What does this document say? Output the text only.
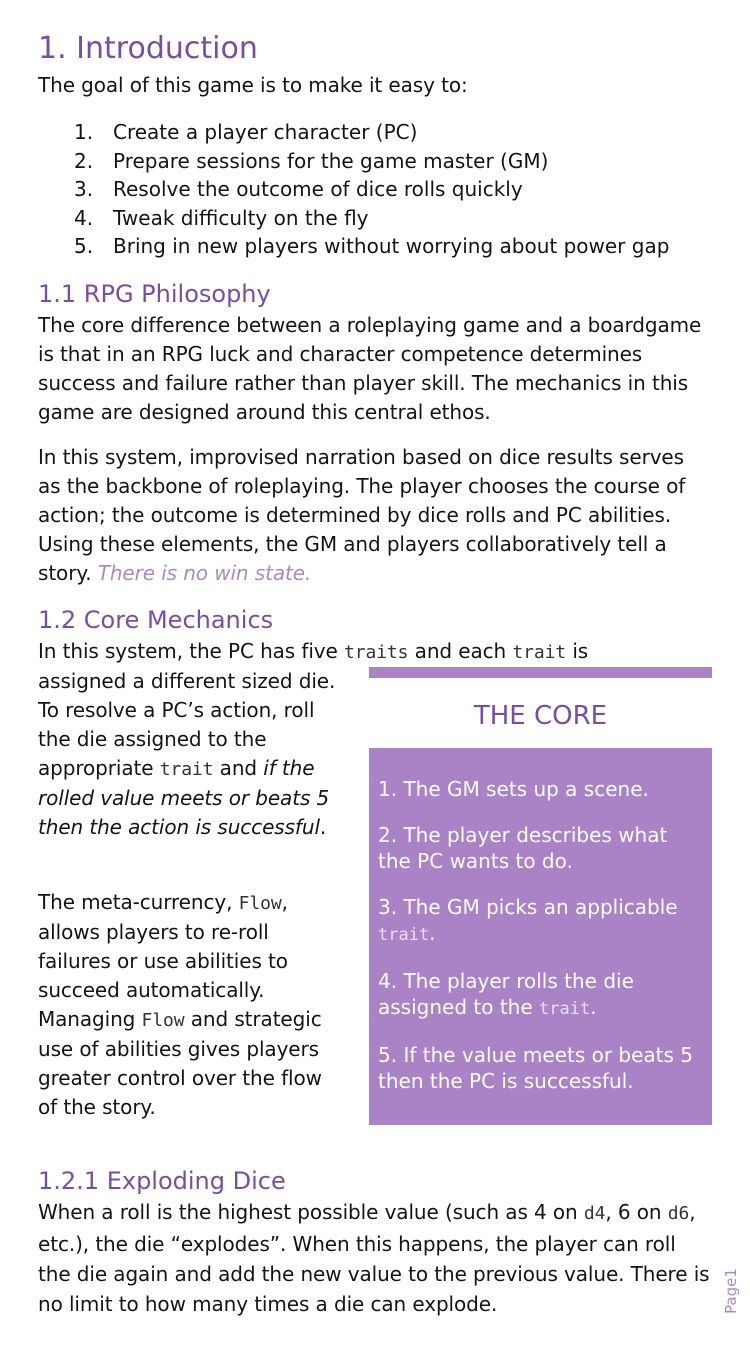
1. Introduction

The goal of this game is to make it easy to:

1. Create a player character (PC)
2. Prepare sessions for the game master (GM)
3. Resolve the outcome of dice rolls quickly
4. Tweak difficulty on the fly
5. Bring in new players without worrying about power gap
1.1 RPG Philosophy

The core difference between a roleplaying game and a boardgame is that in an RPG luck and character competence determines success and failure rather than player skill. The mechanics in this game are designed around this central ethos.

In this system, improvised narration based on dice results serves
as the backbone of roleplaying. The player chooses the course of
action; the outcome is determined by dice rolls and PC abilities.
Using these elements, the GM and players collaboratively tell a
story. There is no win state.
1.2 Core Mechanics

In this system, the PC has five traits and each trait is

assigned a different sized die. To resolve a PC’s action, roll the die assigned to the appropriate trait and if the rolled value meets or beats 5 then the action is successful.

The meta-currency, Flow, allows players to re-roll failures or use abilities to succeed automatically. Managing Flow and strategic use of abilities gives players greater control over the flow of the story.

THE CORE
1. The GM sets up a scene.
2. The player describes what the PC wants to do.
3. The GM picks an applicable trait.
4. The player rolls the die assigned to the trait.
5. If the value meets or beats 5 then the PC is successful.
1.2.1 Exploding Dice

When a roll is the highest possible value (such as 4 on d4, 6 on d6, etc.), the die “explodes”. When this happens, the player can roll the die again and add the new value to the previous value. There is no limit to how many times a die can explode.	Page1
